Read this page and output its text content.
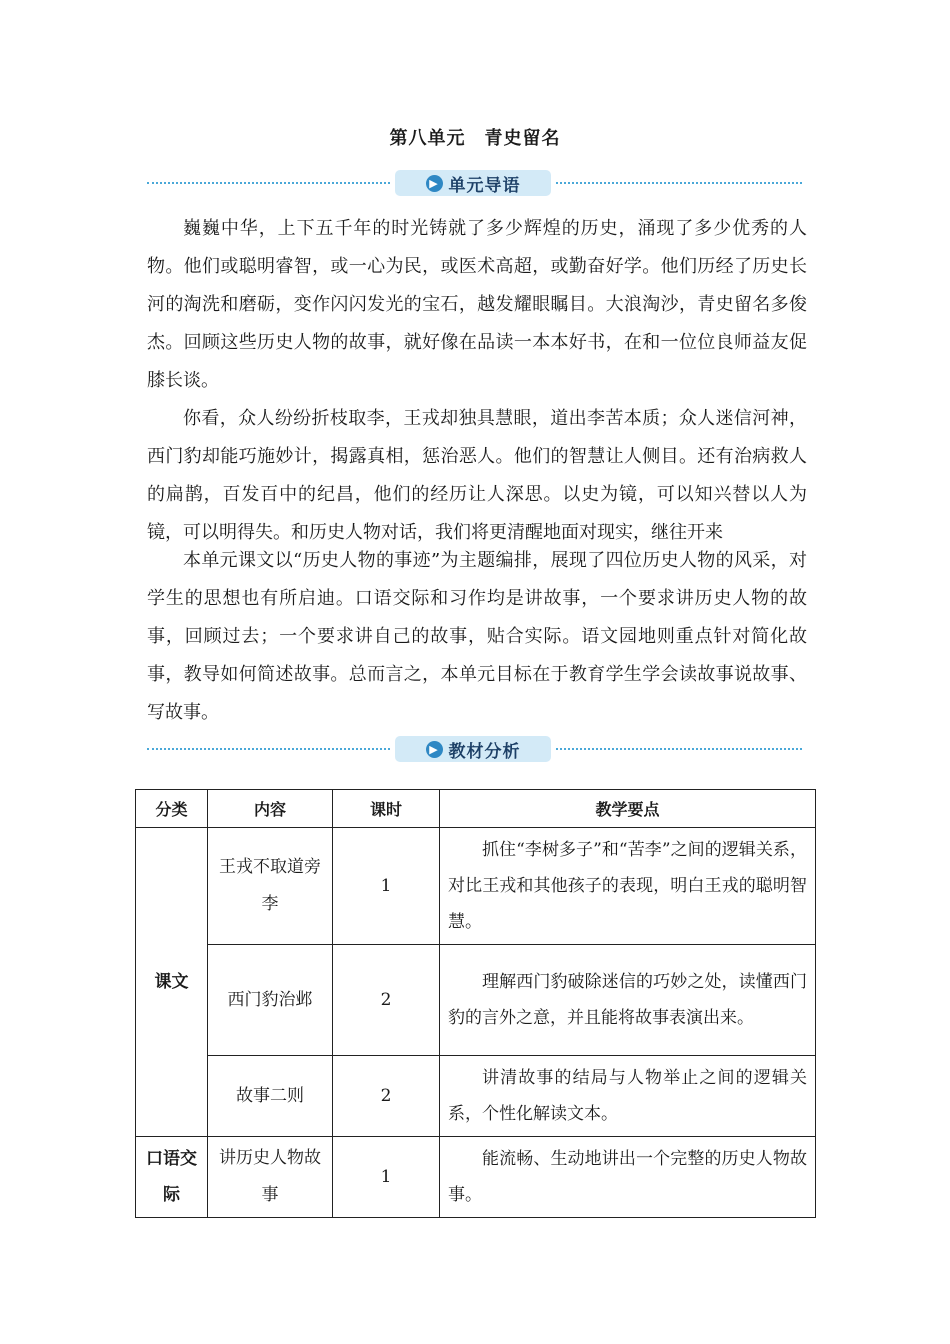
第八单元　青史留名
▶ 单元导语

巍巍中华，上下五千年的时光铸就了多少辉煌的历史，涌现了多少优秀的人物。他们或聪明睿智，或一心为民，或医术高超，或勤奋好学。他们历经了历史长河的淘洗和磨砺，变作闪闪发光的宝石，越发耀眼瞩目。大浪淘沙，青史留名多俊杰。回顾这些历史人物的故事，就好像在品读一本本好书，在和一位位良师益友促膝长谈。

你看，众人纷纷折枝取李，王戎却独具慧眼，道出李苦本质；众人迷信河神，西门豹却能巧施妙计，揭露真相，惩治恶人。他们的智慧让人侧目。还有治病救人的扁鹊，百发百中的纪昌，他们的经历让人深思。以史为镜，可以知兴替以人为镜，可以明得失。和历史人物对话，我们将更清醒地面对现实，继往开来

本单元课文以“历史人物的事迹”为主题编排，展现了四位历史人物的风采，对学生的思想也有所启迪。口语交际和习作均是讲故事，一个要求讲历史人物的故事，回顾过去；一个要求讲自己的故事，贴合实际。语文园地则重点针对简化故事，教导如何简述故事。总而言之，本单元目标在于教育学生学会读故事说故事、写故事。

▶ 教材分析
分类	内容	课时	教学要点
课文	王戎不取道旁李	1	抓住“李树多子”和“苦李”之间的逻辑关系，对比王戎和其他孩子的表现，明白王戎的聪明智慧。
	西门豹治邺	2	理解西门豹破除迷信的巧妙之处，读懂西门豹的言外之意，并且能将故事表演出来。
	故事二则	2	讲清故事的结局与人物举止之间的逻辑关系，个性化解读文本。
口语交际	讲历史人物故事	1	能流畅、生动地讲出一个完整的历史人物故事。
